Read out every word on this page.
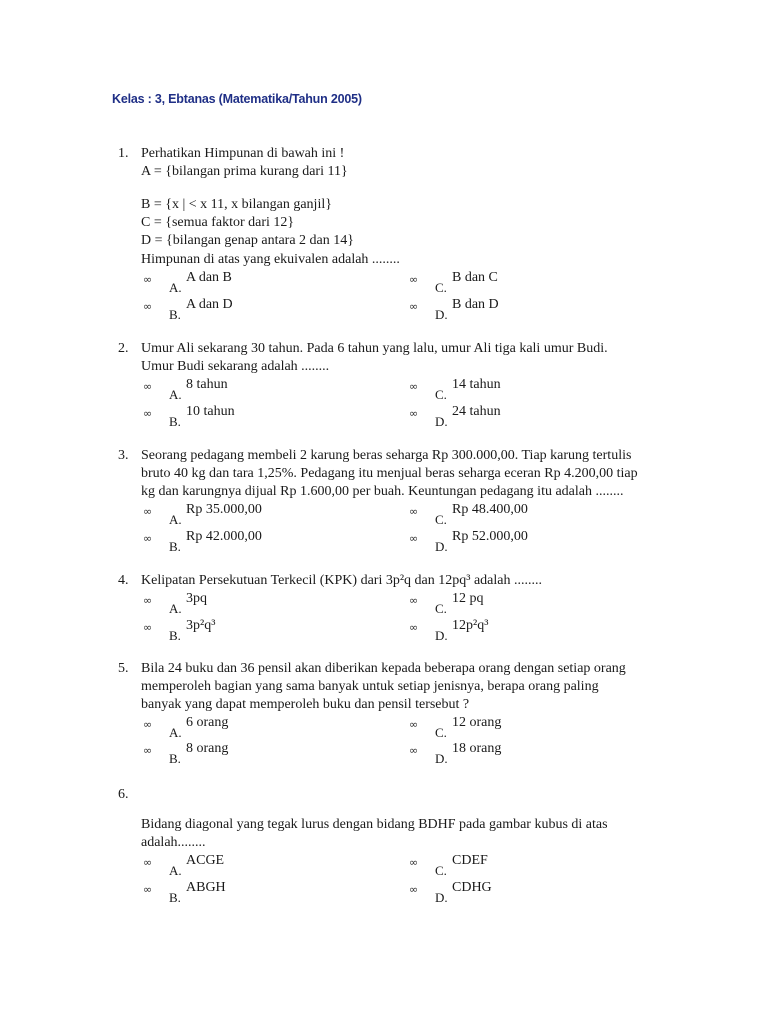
Kelas : 3, Ebtanas (Matematika/Tahun 2005)
1. Perhatikan Himpunan di bawah ini !
A = {bilangan prima kurang dari 11}
B = {x | < x 11, x bilangan ganjil}
C = {semua faktor dari 12}
D = {bilangan genap antara 2 dan 14}
Himpunan di atas yang ekuivalen adalah ........
∞
A.
A dan B
∞
B.
A dan D
∞
C.
B dan C
∞
D.
B dan D
2. Umur Ali sekarang 30 tahun. Pada 6 tahun yang lalu, umur Ali tiga kali umur Budi.
Umur Budi sekarang adalah ........
∞
A.
8 tahun
∞
B.
10 tahun
∞
C.
14 tahun
∞
D.
24 tahun
3. Seorang pedagang membeli 2 karung beras seharga Rp 300.000,00. Tiap karung tertulis
bruto 40 kg dan tara 1,25%. Pedagang itu menjual beras seharga eceran Rp 4.200,00 tiap
kg dan karungnya dijual Rp 1.600,00 per buah. Keuntungan pedagang itu adalah ........
∞
A.
Rp 35.000,00
∞
B.
Rp 42.000,00
∞
C.
Rp 48.400,00
∞
D.
Rp 52.000,00
4. Kelipatan Persekutuan Terkecil (KPK) dari 3p²q dan 12pq³ adalah ........
∞
A.
3pq
∞
B.
3p²q³
∞
C.
12 pq
∞
D.
12p²q³
5. Bila 24 buku dan 36 pensil akan diberikan kepada beberapa orang dengan setiap orang
memperoleh bagian yang sama banyak untuk setiap jenisnya, berapa orang paling
banyak yang dapat memperoleh buku dan pensil tersebut ?
∞
A.
6 orang
∞
B.
8 orang
∞
C.
12 orang
∞
D.
18 orang
6.
Bidang diagonal yang tegak lurus dengan bidang BDHF pada gambar kubus di atas
adalah........
∞
A.
ACGE
∞
B.
ABGH
∞
C.
CDEF
∞
D.
CDHG
